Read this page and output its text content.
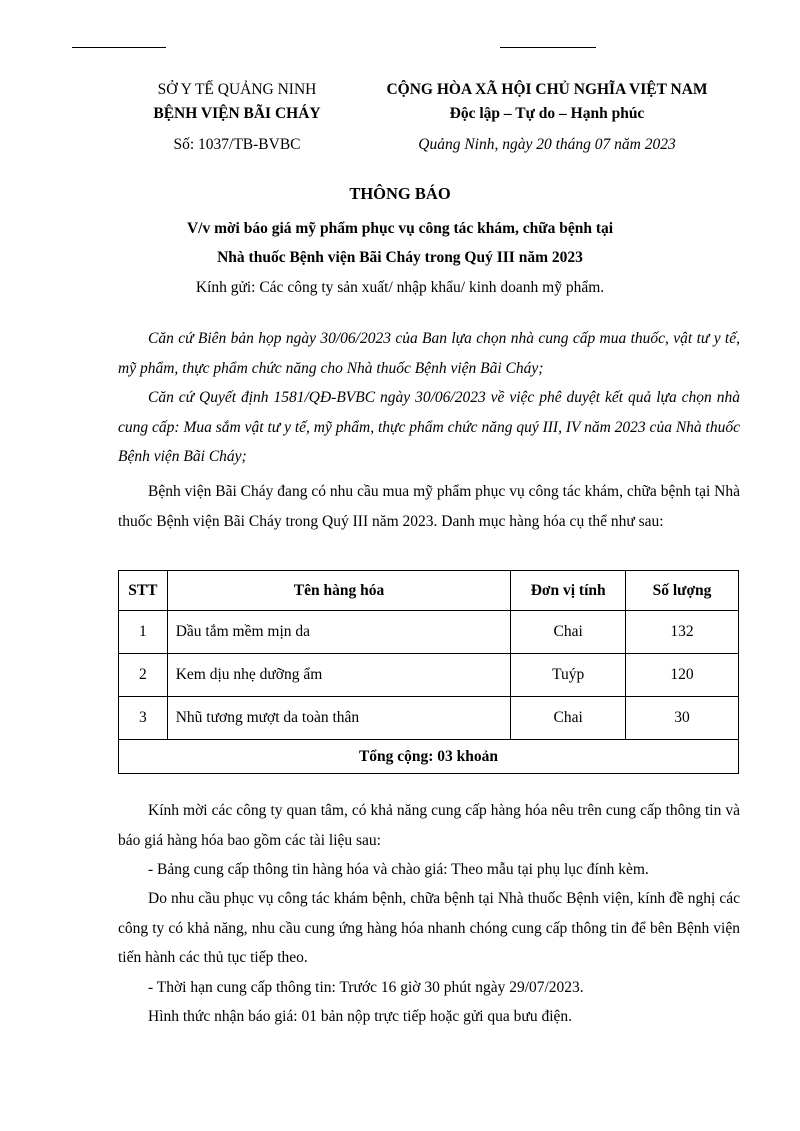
SỞ Y TẾ QUẢNG NINH
BỆNH VIỆN BÃI CHÁY
Số: 1037/TB-BVBC
CỘNG HÒA XÃ HỘI CHỦ NGHĨA VIỆT NAM
Độc lập – Tự do – Hạnh phúc
Quảng Ninh, ngày 20 tháng 07 năm 2023
THÔNG BÁO
V/v mời báo giá mỹ phẩm phục vụ công tác khám, chữa bệnh tại
Nhà thuốc Bệnh viện Bãi Cháy trong Quý III năm 2023
Kính gửi: Các công ty sản xuất/ nhập khẩu/ kinh doanh mỹ phẩm.
Căn cứ Biên bản họp ngày 30/06/2023 của Ban lựa chọn nhà cung cấp mua thuốc, vật tư y tế, mỹ phẩm, thực phẩm chức năng cho Nhà thuốc Bệnh viện Bãi Cháy;
Căn cứ Quyết định 1581/QĐ-BVBC ngày 30/06/2023 về việc phê duyệt kết quả lựa chọn nhà cung cấp: Mua sắm vật tư y tế, mỹ phẩm, thực phẩm chức năng quý III, IV năm 2023 của Nhà thuốc Bệnh viện Bãi Cháy;
Bệnh viện Bãi Cháy đang có nhu cầu mua mỹ phẩm phục vụ công tác khám, chữa bệnh tại Nhà thuốc Bệnh viện Bãi Cháy trong Quý III năm 2023. Danh mục hàng hóa cụ thể như sau:
STT	Tên hàng hóa	Đơn vị tính	Số lượng
1	Dầu tắm mềm mịn da	Chai	132
2	Kem dịu nhẹ dưỡng ẩm	Tuýp	120
3	Nhũ tương mượt da toàn thân	Chai	30
Tổng cộng: 03 khoản			
Kính mời các công ty quan tâm, có khả năng cung cấp hàng hóa nêu trên cung cấp thông tin và báo giá hàng hóa bao gồm các tài liệu sau:
- Bảng cung cấp thông tin hàng hóa và chào giá: Theo mẫu tại phụ lục đính kèm.
Do nhu cầu phục vụ công tác khám bệnh, chữa bệnh tại Nhà thuốc Bệnh viện, kính đề nghị các công ty có khả năng, nhu cầu cung ứng hàng hóa nhanh chóng cung cấp thông tin để bên Bệnh viện tiến hành các thủ tục tiếp theo.
- Thời hạn cung cấp thông tin: Trước 16 giờ 30 phút ngày 29/07/2023.
Hình thức nhận báo giá: 01 bản nộp trực tiếp hoặc gửi qua bưu điện.
